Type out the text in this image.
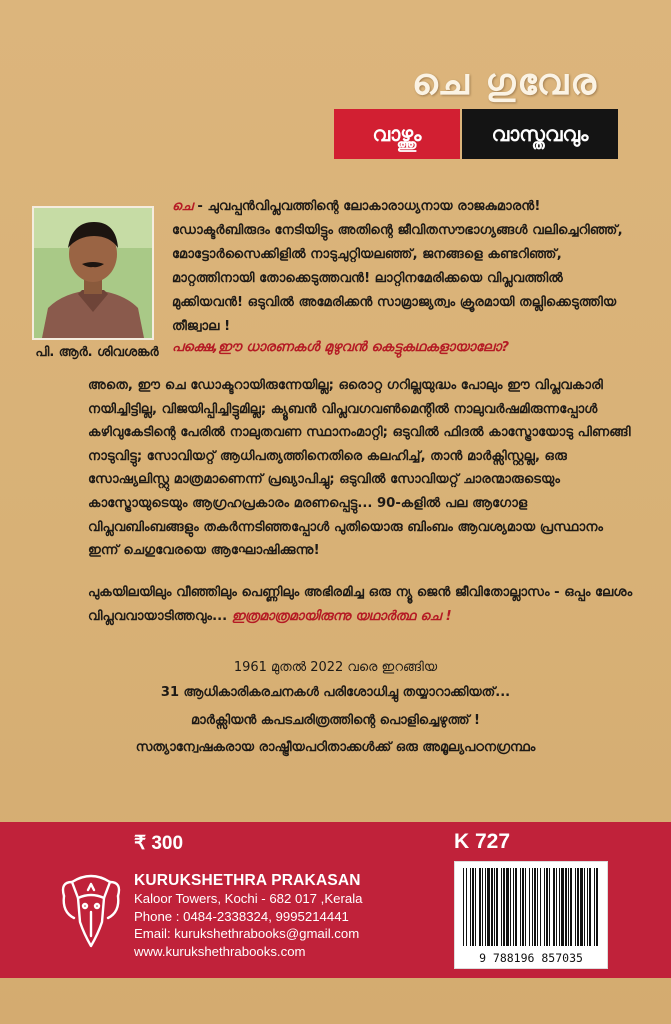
ചെ ഗുവേര
വാഴ്ത്തും	വാസ്തവവും
പി. ആർ. ശിവശങ്കർ
ചെ - ചുവപ്പൻവിപ്ലവത്തിന്റെ ലോകാരാധ്യനായ രാജകുമാരൻ! ഡോക്ടർബിരുദം നേടിയിട്ടും അതിന്റെ ജീവിതസൗഭാഗ്യങ്ങൾ വലിച്ചെറിഞ്ഞ്, മോട്ടോർസൈക്കിളിൽ നാടുചുറ്റിയലഞ്ഞ്, ജനങ്ങളെ കണ്ടറിഞ്ഞ്, മാറ്റത്തിനായി തോക്കെടുത്തവൻ! ലാറ്റിനമേരിക്കയെ വിപ്ലവത്തിൽ മുക്കിയവൻ! ഒടുവിൽ അമേരിക്കൻ സാമ്രാജ്യത്വം ക്രൂരമായി തല്ലിക്കെടുത്തിയ തീജ്വാല !
പക്ഷെ,ഈ ധാരണകൾ മുഴുവൻ കെട്ടുകഥകളായാലോ?
അതെ, ഈ ചെ ഡോക്ടറായിരുന്നേയില്ല; ഒരൊറ്റ ഗറില്ലയുദ്ധം പോലും ഈ വിപ്ലവകാരി നയിച്ചിട്ടില്ല, വിജയിപ്പിച്ചിട്ടുമില്ല; ക്യൂബൻ വിപ്ലവഗവൺമെന്റിൽ നാലുവർഷമിരുന്നപ്പോൾ കഴിവുകേടിന്റെ പേരിൽ നാലുതവണ സ്ഥാനംമാറ്റി; ഒടുവിൽ ഫിദൽ കാസ്ട്രോയോടു പിണങ്ങി നാടുവിട്ടു; സോവിയറ്റ് ആധിപത്യത്തിനെതിരെ കലഹിച്ച്, താൻ മാർക്സിസ്റ്റല്ല, ഒരു സോഷ്യലിസ്റ്റു മാത്രമാണെന്ന് പ്രഖ്യാപിച്ചു; ഒടുവിൽ സോവിയറ്റ് ചാരന്മാരുടെയും കാസ്ട്രോയുടെയും ആഗ്രഹപ്രകാരം മരണപ്പെട്ടു... 90-കളിൽ പല ആഗോള വിപ്ലവബിംബങ്ങളും തകർന്നടിഞ്ഞപ്പോൾ പുതിയൊരു ബിംബം ആവശ്യമായ പ്രസ്ഥാനം ഇന്ന് ചെഗുവേരയെ ആഘോഷിക്കുന്നു!
പുകയിലയിലും വീഞ്ഞിലും പെണ്ണിലും അഭിരമിച്ച ഒരു ന്യൂ ജെൻ ജീവിതോല്ലാസം - ഒപ്പം ലേശം വിപ്ലവവായാടിത്തവും... ഇത്രമാത്രമായിരുന്നു യഥാർത്ഥ ചെ !
1961 മുതൽ 2022 വരെ ഇറങ്ങിയ
31 ആധികാരികരചനകൾ പരിശോധിച്ചു തയ്യാറാക്കിയത്...
മാർക്സിയൻ കപടചരിത്രത്തിന്റെ പൊളിച്ചെഴുത്ത് !
സത്യാന്വേഷകരായ രാഷ്ട്രീയപഠിതാക്കൾക്ക് ഒരു അമൂല്യപഠനഗ്രന്ഥം
₹ 300	K 727
KURUKSHETHRA PRAKASAN
Kaloor Towers, Kochi - 682 017 ,Kerala
Phone : 0484-2338324, 9995214441
Email: kurukshethrabooks@gmail.com
www.kurukshethrabooks.com	9 788196 857035
